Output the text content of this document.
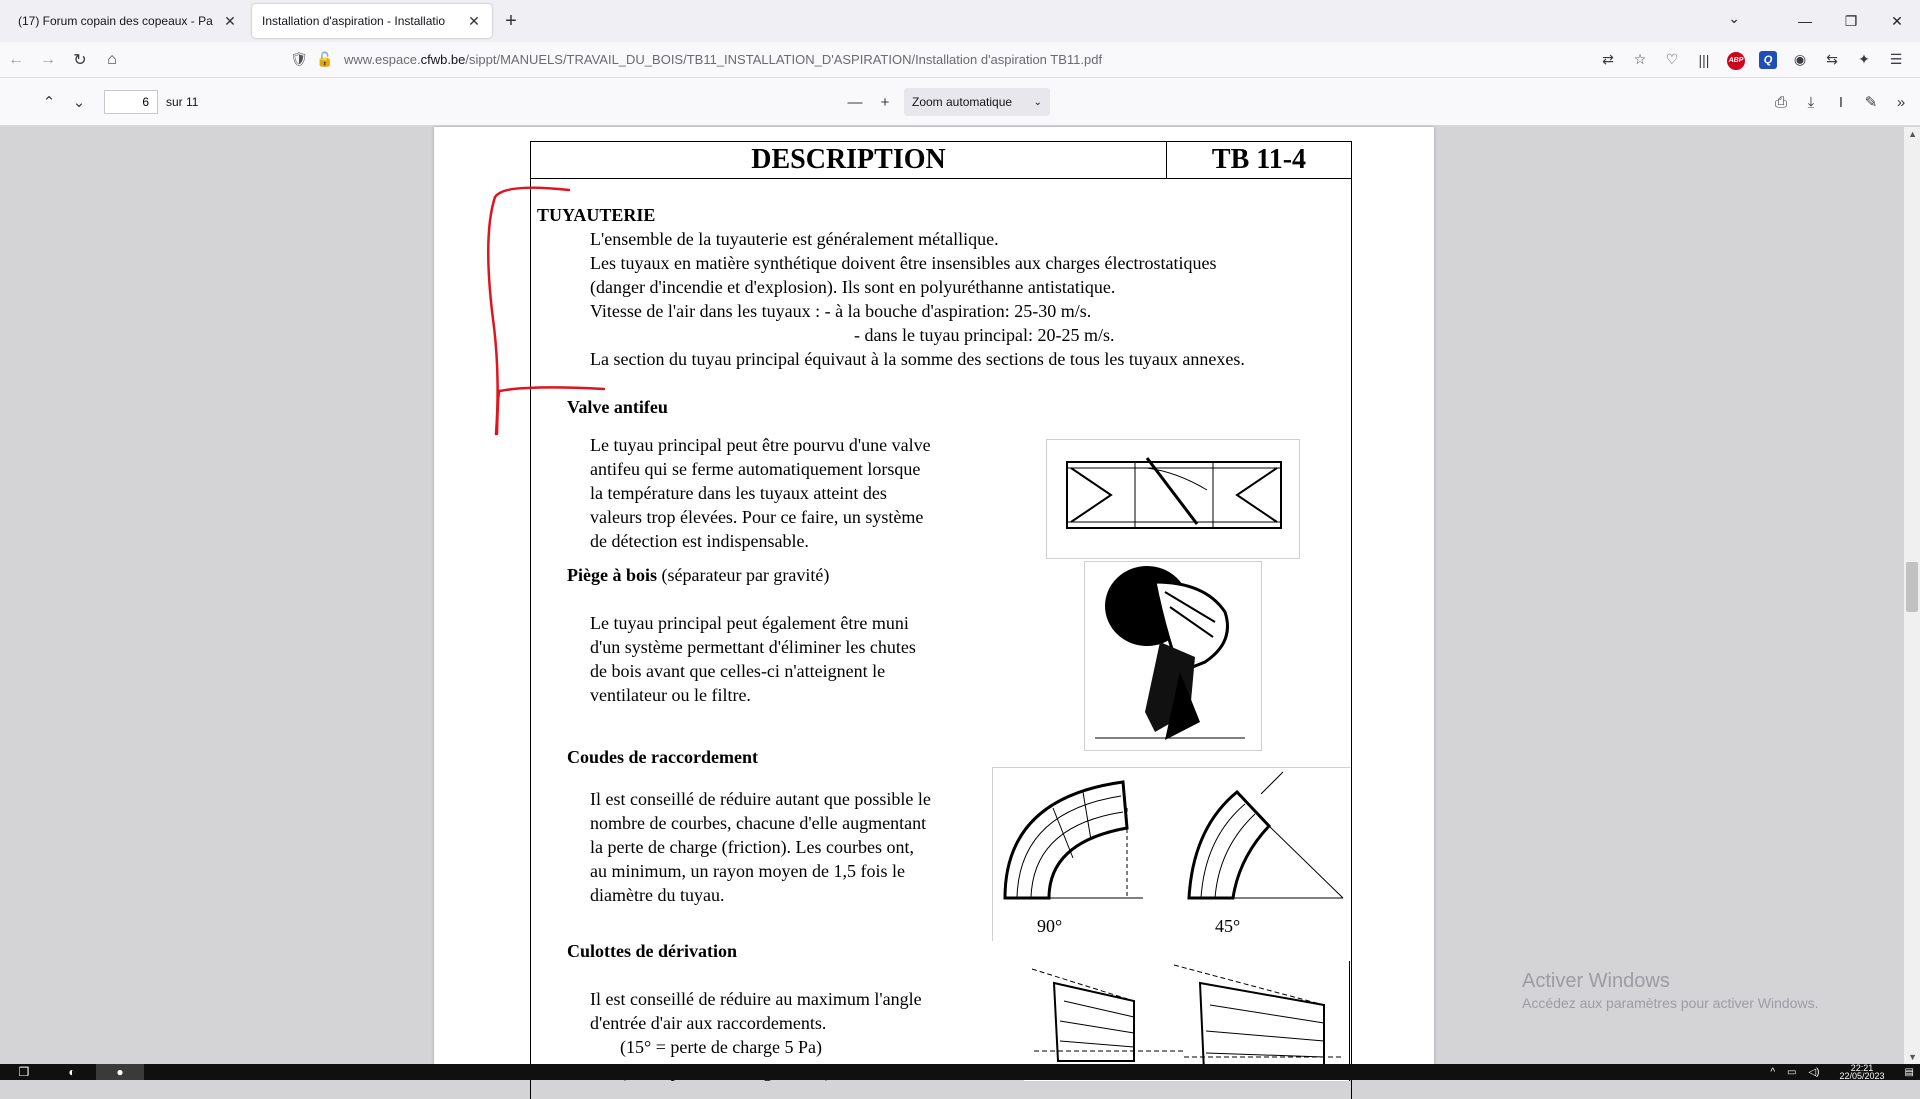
(17) Forum copain des copeaux - Pa ✕ Installation d'aspiration - Installatio	✕	+	⌄	—	❐	✕
←	→	↻	⌂	🛡 🔓 www.espace.cfwb.be/sippt/MANUELS/TRAVAIL_DU_BOIS/TB11_INSTALLATION_D'ASPIRATION/Installation d'aspiration TB11.pdf	⇄	☆	♡	|||	ABP	Q	◉	⇆	✦	☰
⌃	⌄
6	sur 11	—	+	Zoom automatique ⌄	⎙	⤓	I	✎	»
DESCRIPTION	TB 11-4
TUYAUTERIE
L'ensemble de la tuyauterie est généralement métallique.
Les tuyaux en matière synthétique doivent être insensibles aux charges électrostatiques
(danger d'incendie et d'explosion). Ils sont en polyuréthanne antistatique.
Vitesse de l'air dans les tuyaux : - à la bouche d'aspiration: 25-30 m/s.
- dans le tuyau principal: 20-25 m/s.
La section du tuyau principal équivaut à la somme des sections de tous les tuyaux annexes.
Valve antifeu
Le tuyau principal peut être pourvu d'une valve
antifeu qui se ferme automatiquement lorsque
la température dans les tuyaux atteint des
valeurs trop élevées. Pour ce faire, un système
de détection est indispensable.
Piège à bois (séparateur par gravité)
Le tuyau principal peut également être muni
d'un système permettant d'éliminer les chutes
de bois avant que celles-ci n'atteignent le
ventilateur ou le filtre.
Coudes de raccordement
Il est conseillé de réduire autant que possible le
nombre de courbes, chacune d'elle augmentant
la perte de charge (friction). Les courbes ont,
au minimum, un rayon moyen de 1,5 fois le
diamètre du tuyau.
90°	45°
Culottes de dérivation
Il est conseillé de réduire au maximum l'angle
d'entrée d'air aux raccordements.
(15° = perte de charge 5 Pa)
▲
▼
Activer Windows
Accédez aux paramètres pour activer Windows.
❒	◐	●	^ ▭ ◁)	22:21
22/05/2023 ▤
